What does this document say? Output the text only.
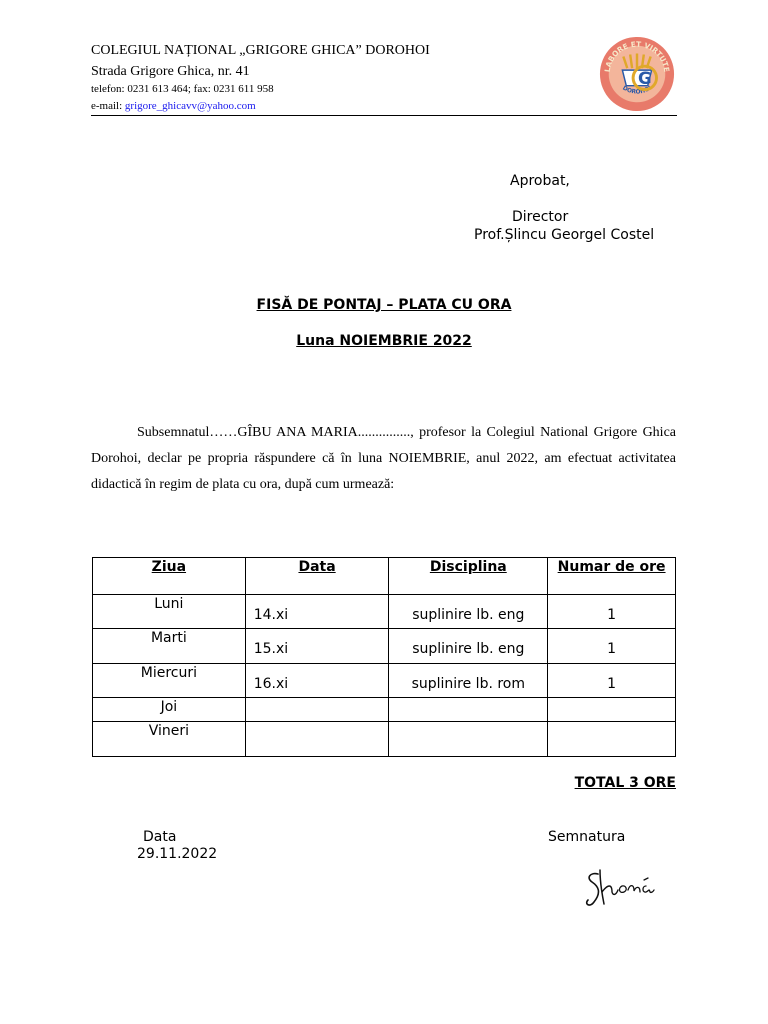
COLEGIUL NAȚIONAL „GRIGORE GHICA” DOROHOI
Strada Grigore Ghica, nr. 41
telefon: 0231 613 464; fax: 0231 611 958
e-mail: grigore_ghicavv@yahoo.com
LABORE ET VIRTUTE
DOROHOI
G
Aprobat,
Director
Prof.Șlincu Georgel Costel
FISĂ DE PONTAJ – PLATA CU ORA
Luna NOIEMBRIE 2022
Subsemnatul……GÎBU ANA MARIA..............., profesor la Colegiul National Grigore Ghica Dorohoi, declar pe propria răspundere că în luna NOIEMBRIE, anul 2022, am efectuat activitatea didactică în regim de plata cu ora, după cum urmează:
Ziua	Data	Disciplina	Numar de ore
Luni	14.xi	suplinire lb. eng	1
Marti	15.xi	suplinire lb. eng	1
Miercuri	16.xi	suplinire lb. rom	1
Joi			
Vineri			
TOTAL 3 ORE
Data
29.11.2022
Semnatura
